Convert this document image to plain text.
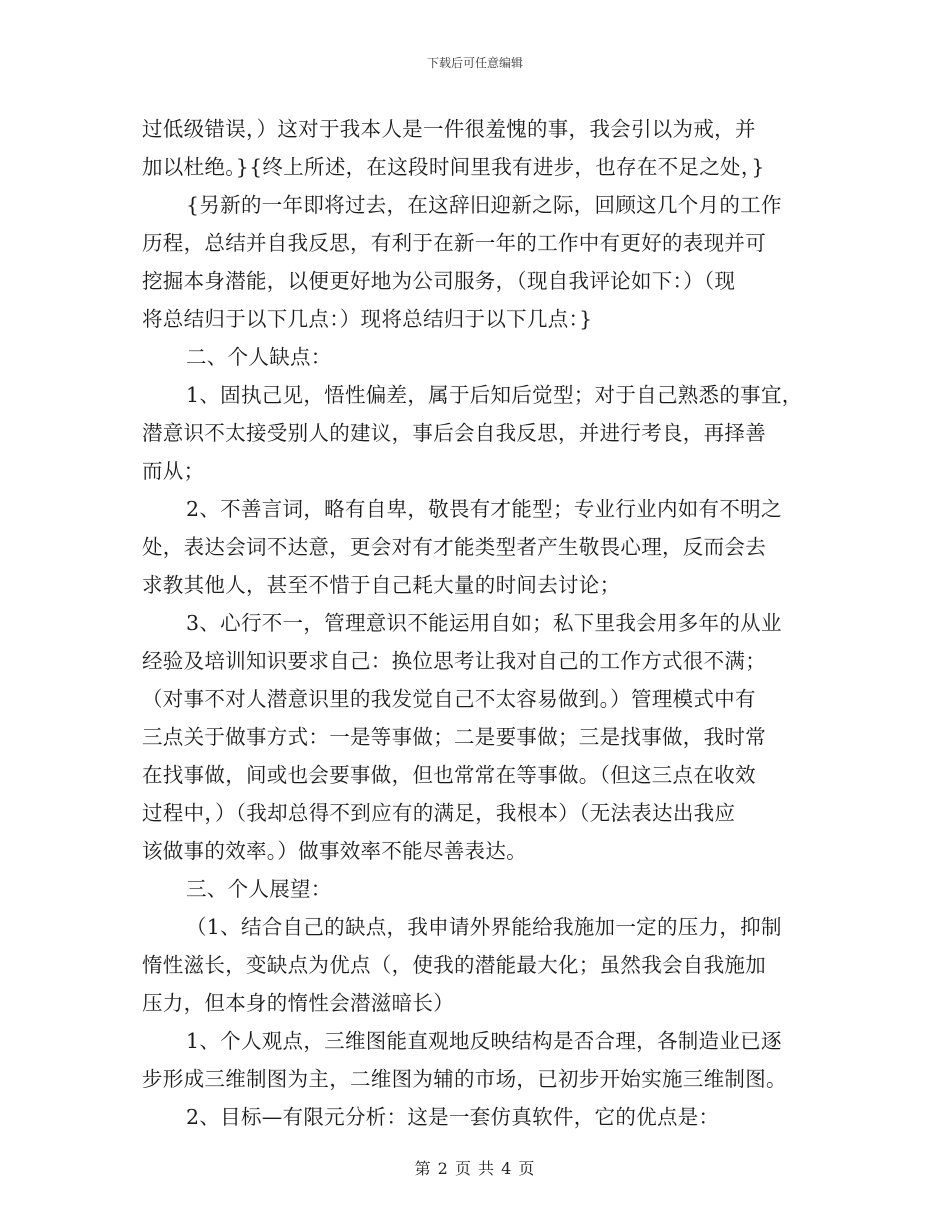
下载后可任意编辑
过低级错误，）这对于我本人是一件很羞愧的事，我会引以为戒，并
加以杜绝。}{终上所述，在这段时间里我有进步，也存在不足之处，}
{另新的一年即将过去，在这辞旧迎新之际，回顾这几个月的工作
历程，总结并自我反思，有利于在新一年的工作中有更好的表现并可
挖掘本身潜能，以便更好地为公司服务，（现自我评论如下：）（现
将总结归于以下几点：）现将总结归于以下几点：}
二、个人缺点：
1、固执己见，悟性偏差，属于后知后觉型；对于自己熟悉的事宜，
潜意识不太接受别人的建议，事后会自我反思，并进行考良，再择善
而从；
2、不善言词，略有自卑，敬畏有才能型；专业行业内如有不明之
处，表达会词不达意，更会对有才能类型者产生敬畏心理，反而会去
求教其他人，甚至不惜于自己耗大量的时间去讨论；
3、心行不一，管理意识不能运用自如；私下里我会用多年的从业
经验及培训知识要求自己：换位思考让我对自己的工作方式很不满；
（对事不对人潜意识里的我发觉自己不太容易做到。）管理模式中有
三点关于做事方式：一是等事做；二是要事做；三是找事做，我时常
在找事做，间或也会要事做，但也常常在等事做。（但这三点在收效
过程中，）（我却总得不到应有的满足，我根本）（无法表达出我应
该做事的效率。）做事效率不能尽善表达。
三、个人展望：
（1、结合自己的缺点，我申请外界能给我施加一定的压力，抑制
惰性滋长，变缺点为优点（，使我的潜能最大化；虽然我会自我施加
压力，但本身的惰性会潜滋暗长）
1、个人观点，三维图能直观地反映结构是否合理，各制造业已逐
步形成三维制图为主，二维图为辅的市场，已初步开始实施三维制图。
2、目标—有限元分析：这是一套仿真软件，它的优点是：
第 2 页 共 4 页
